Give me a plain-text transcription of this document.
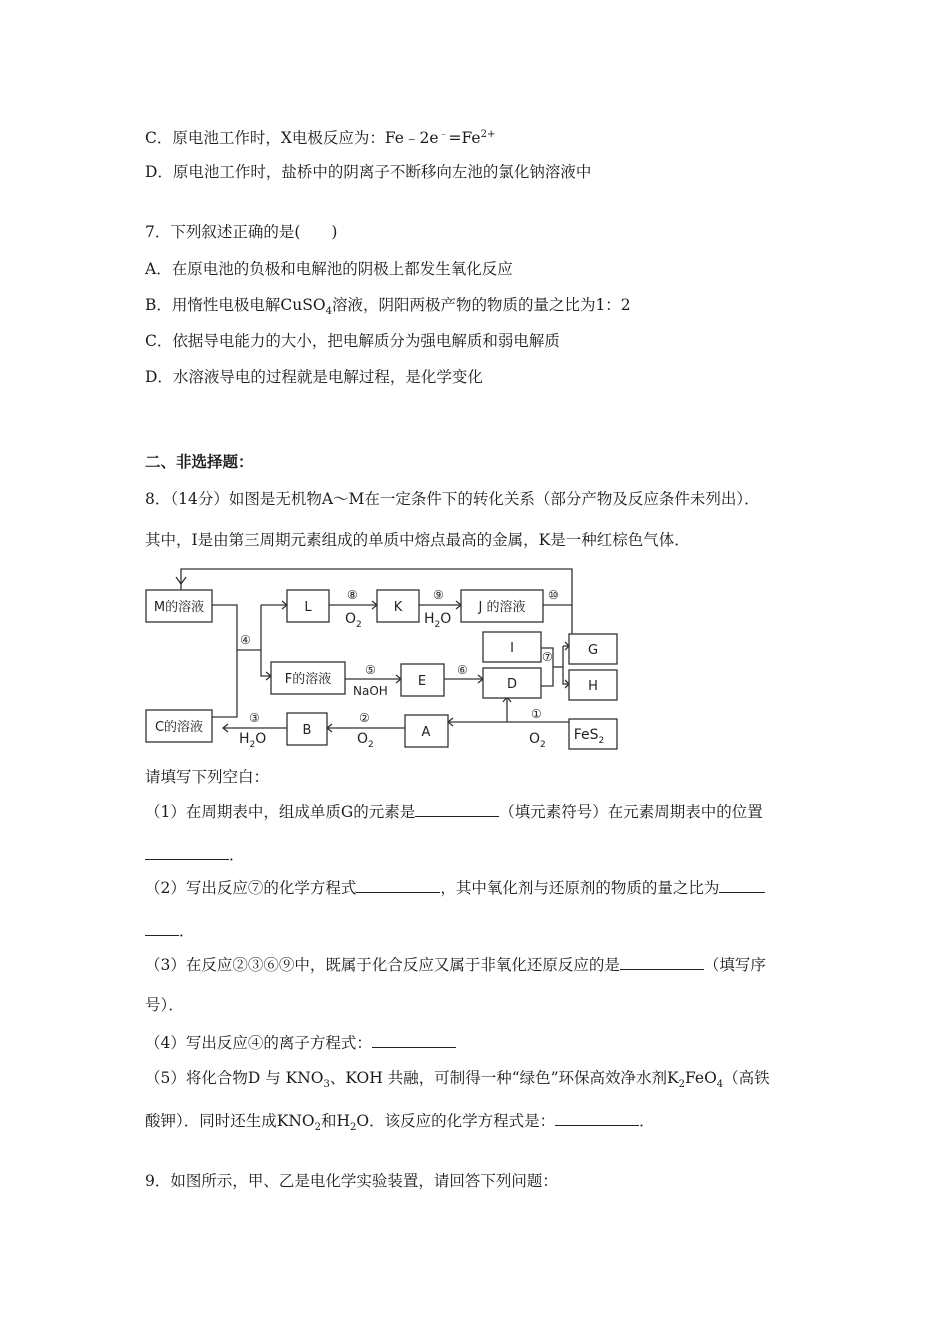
C．原电池工作时，X电极反应为：$Fe﹣2e^﹣=Fe^{2+}$
D．原电池工作时，盐桥中的阴离子不断移向左池的氯化钠溶液中
7．下列叙述正确的是(　　)
A．在原电池的负极和电解池的阴极上都发生氧化反应
B．用惰性电极电解CuSO$_4$溶液，阴阳两极产物的物质的量之比为1：2
C．依据导电能力的大小，把电解质分为强电解质和弱电解质
D．水溶液导电的过程就是电解过程，是化学变化
二、非选择题：
8．（14分）如图是无机物A～M在一定条件下的转化关系（部分产物及反应条件未列出）．
其中，I是由第三周期元素组成的单质中熔点最高的金属，K是一种红棕色气体．
M的溶液	L	K	J 的溶液
F的溶液	E
I
D
G
H
C的溶液	B	A	FeS$_2$
⑧
$O_2$
⑨
$H_2O$
⑩
④
⑤
NaOH
⑥
⑦
③
$H_2O$
②
$O_2$
①
$O_2$
请填写下列空白：
（1）在周期表中，组成单质G的元素是	（填元素符号）在元素周期表中的位置
．
（2）写出反应⑦的化学方程式	，其中氧化剂与还原剂的物质的量之比为
．
（3）在反应②③⑥⑨中，既属于化合反应又属于非氧化还原反应的是	（填写序
号）．
（4）写出反应④的离子方程式：
（5）将化合物D 与 $KNO_3$、KOH 共融，可制得一种“绿色”环保高效净水剂$K_2FeO_4$（高铁
酸钾）．同时还生成$KNO_2$和$H_2O$．该反应的化学方程式是：	．
9．如图所示，甲、乙是电化学实验装置，请回答下列问题：
